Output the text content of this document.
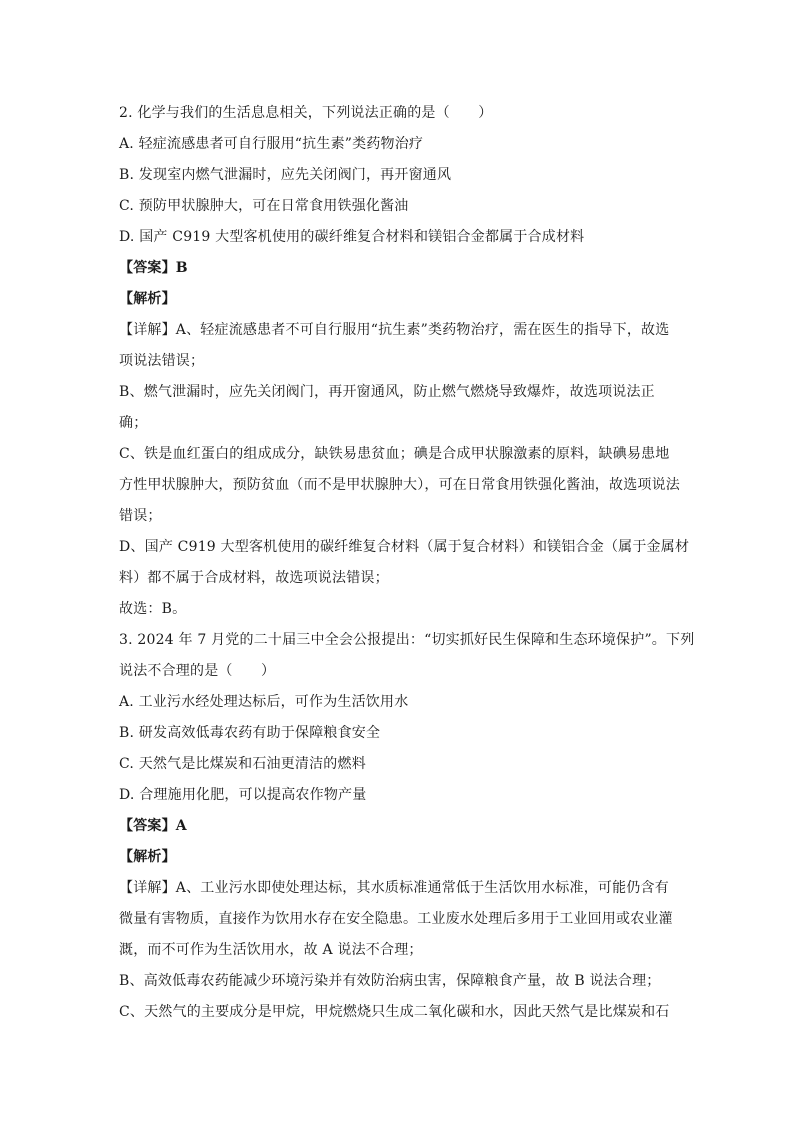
2. 化学与我们的生活息息相关，下列说法正确的是（　　）
A. 轻症流感患者可自行服用“抗生素”类药物治疗
B. 发现室内燃气泄漏时，应先关闭阀门，再开窗通风
C. 预防甲状腺肿大，可在日常食用铁强化酱油
D. 国产 C919 大型客机使用的碳纤维复合材料和镁铝合金都属于合成材料
【答案】B
【解析】
【详解】A、轻症流感患者不可自行服用“抗生素”类药物治疗，需在医生的指导下，故选
项说法错误；
B、燃气泄漏时，应先关闭阀门，再开窗通风，防止燃气燃烧导致爆炸，故选项说法正
确；
C、铁是血红蛋白的组成成分，缺铁易患贫血；碘是合成甲状腺激素的原料，缺碘易患地
方性甲状腺肿大，预防贫血（而不是甲状腺肿大），可在日常食用铁强化酱油，故选项说法
错误；
D、国产 C919 大型客机使用的碳纤维复合材料（属于复合材料）和镁铝合金（属于金属材
料）都不属于合成材料，故选项说法错误；
故选：B。
3. 2024 年 7 月党的二十届三中全会公报提出：“切实抓好民生保障和生态环境保护”。下列
说法不合理的是（　　）
A. 工业污水经处理达标后，可作为生活饮用水
B. 研发高效低毒农药有助于保障粮食安全
C. 天然气是比煤炭和石油更清洁的燃料
D. 合理施用化肥，可以提高农作物产量
【答案】A
【解析】
【详解】A、工业污水即使处理达标，其水质标准通常低于生活饮用水标准，可能仍含有
微量有害物质，直接作为饮用水存在安全隐患。工业废水处理后多用于工业回用或农业灌
溉，而不可作为生活饮用水，故 A 说法不合理；
B、高效低毒农药能减少环境污染并有效防治病虫害，保障粮食产量，故 B 说法合理；
C、天然气的主要成分是甲烷，甲烷燃烧只生成二氧化碳和水，因此天然气是比煤炭和石
